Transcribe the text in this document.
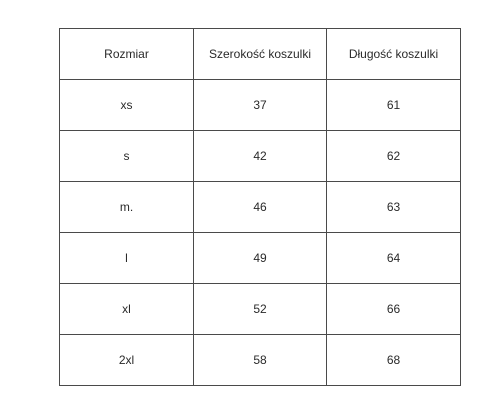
Rozmiar	Szerokość koszulki	Długość koszulki
xs	37	61
s	42	62
m.	46	63
l	49	64
xl	52	66
2xl	58	68
